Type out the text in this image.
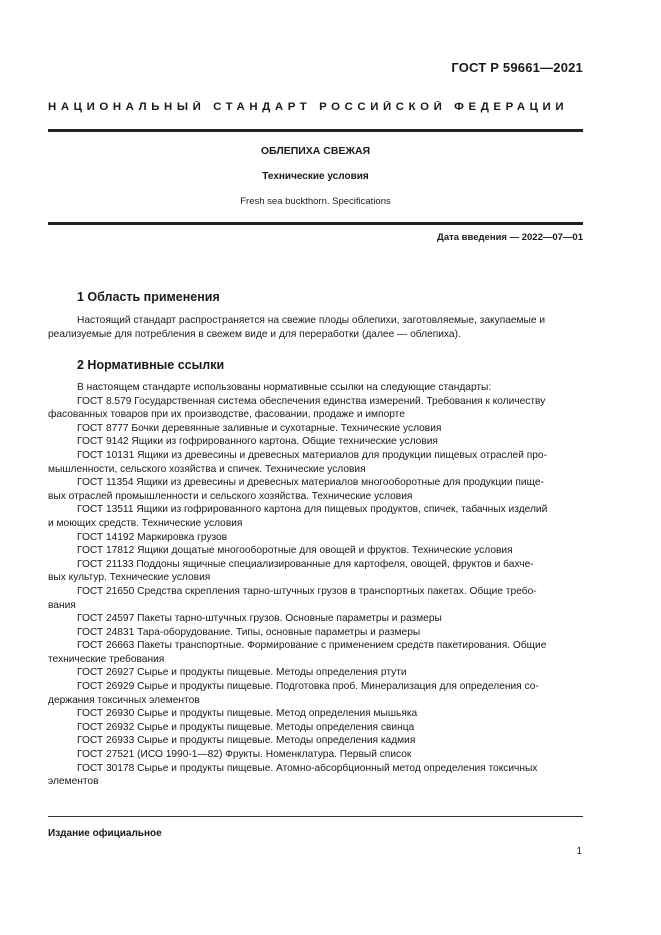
ГОСТ Р 59661—2021
НАЦИОНАЛЬНЫЙ СТАНДАРТ РОССИЙСКОЙ ФЕДЕРАЦИИ
ОБЛЕПИХА СВЕЖАЯ
Технические условия
Fresh sea buckthorn. Specifications
Дата введения — 2022—07—01
1 Область применения
Настоящий стандарт распространяется на свежие плоды облепихи, заготовляемые, закупаемые и
реализуемые для потребления в свежем виде и для переработки (далее — облепиха).
2 Нормативные ссылки
В настоящем стандарте использованы нормативные ссылки на следующие стандарты:
ГОСТ 8.579 Государственная система обеспечения единства измерений. Требования к количеству
фасованных товаров при их производстве, фасовании, продаже и импорте
ГОСТ 8777 Бочки деревянные заливные и сухотарные. Технические условия
ГОСТ 9142 Ящики из гофрированного картона. Общие технические условия
ГОСТ 10131 Ящики из древесины и древесных материалов для продукции пищевых отраслей про-
мышленности, сельского хозяйства и спичек. Технические условия
ГОСТ 11354 Ящики из древесины и древесных материалов многооборотные для продукции пище-
вых отраслей промышленности и сельского хозяйства. Технические условия
ГОСТ 13511 Ящики из гофрированного картона для пищевых продуктов, спичек, табачных изделий
и моющих средств. Технические условия
ГОСТ 14192 Маркировка грузов
ГОСТ 17812 Ящики дощатые многооборотные для овощей и фруктов. Технические условия
ГОСТ 21133 Поддоны ящичные специализированные для картофеля, овощей, фруктов и бахче-
вых культур. Технические условия
ГОСТ 21650 Средства скрепления тарно-штучных грузов в транспортных пакетах. Общие требо-
вания
ГОСТ 24597 Пакеты тарно-штучных грузов. Основные параметры и размеры
ГОСТ 24831 Тара-оборудование. Типы, основные параметры и размеры
ГОСТ 26663 Пакеты транспортные. Формирование с применением средств пакетирования. Общие
технические требования
ГОСТ 26927 Сырье и продукты пищевые. Методы определения ртути
ГОСТ 26929 Сырье и продукты пищевые. Подготовка проб. Минерализация для определения со-
держания токсичных элементов
ГОСТ 26930 Сырье и продукты пищевые. Метод определения мышьяка
ГОСТ 26932 Сырье и продукты пищевые. Методы определения свинца
ГОСТ 26933 Сырье и продукты пищевые. Методы определения кадмия
ГОСТ 27521 (ИСО 1990-1—82) Фрукты. Номенклатура. Первый список
ГОСТ 30178 Сырье и продукты пищевые. Атомно-абсорбционный метод определения токсичных
элементов
Издание официальное
1
